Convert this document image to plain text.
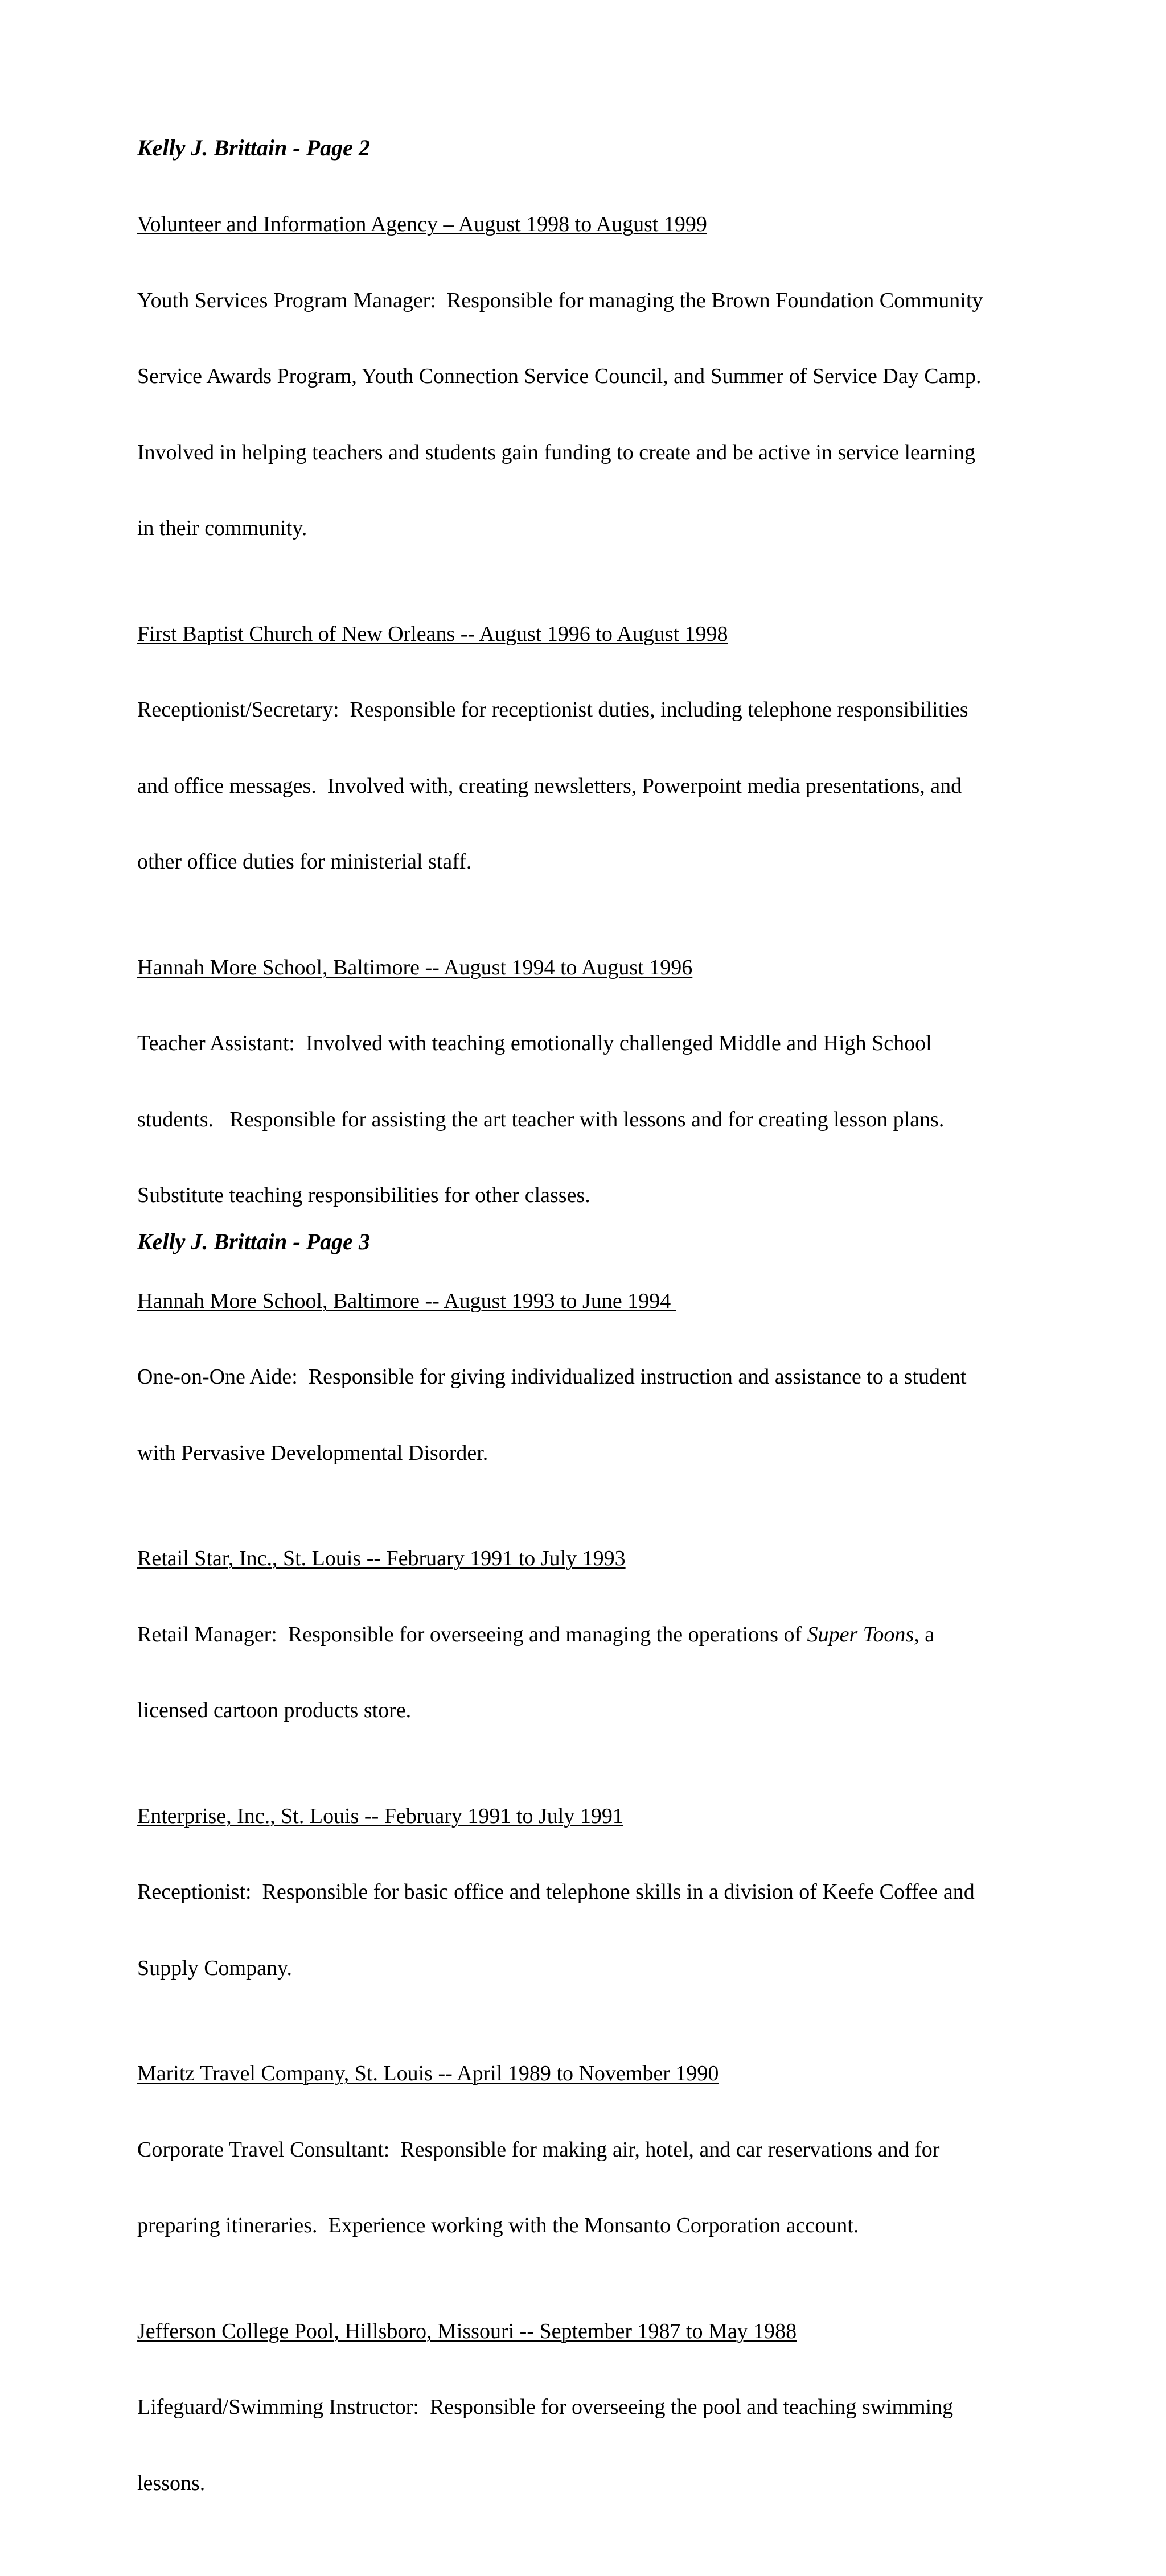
Kelly J. Brittain - Page 2
Volunteer and Information Agency – August 1998 to August 1999

Youth Services Program Manager:  Responsible for managing the Brown Foundation Community

Service Awards Program, Youth Connection Service Council, and Summer of Service Day Camp.

Involved in helping teachers and students gain funding to create and be active in service learning

in their community.

First Baptist Church of New Orleans -- August 1996 to August 1998

Receptionist/Secretary:  Responsible for receptionist duties, including telephone responsibilities

and office messages.  Involved with, creating newsletters, Powerpoint media presentations, and

other office duties for ministerial staff.

Hannah More School, Baltimore -- August 1994 to August 1996

Teacher Assistant:  Involved with teaching emotionally challenged Middle and High School

students.   Responsible for assisting the art teacher with lessons and for creating lesson plans.

Substitute teaching responsibilities for other classes.

Hannah More School, Baltimore -- August 1993 to June 1994

One-on-One Aide:  Responsible for giving individualized instruction and assistance to a student

with Pervasive Developmental Disorder.

Retail Star, Inc., St. Louis -- February 1991 to July 1993

Retail Manager:  Responsible for overseeing and managing the operations of Super Toons, a

licensed cartoon products store.

Enterprise, Inc., St. Louis -- February 1991 to July 1991

Receptionist:  Responsible for basic office and telephone skills in a division of Keefe Coffee and

Supply Company.

Maritz Travel Company, St. Louis -- April 1989 to November 1990

Corporate Travel Consultant:  Responsible for making air, hotel, and car reservations and for

preparing itineraries.  Experience working with the Monsanto Corporation account.

Jefferson College Pool, Hillsboro, Missouri -- September 1987 to May 1988

Lifeguard/Swimming Instructor:  Responsible for overseeing the pool and teaching swimming

lessons.

Kelly J. Brittain - Page 3
